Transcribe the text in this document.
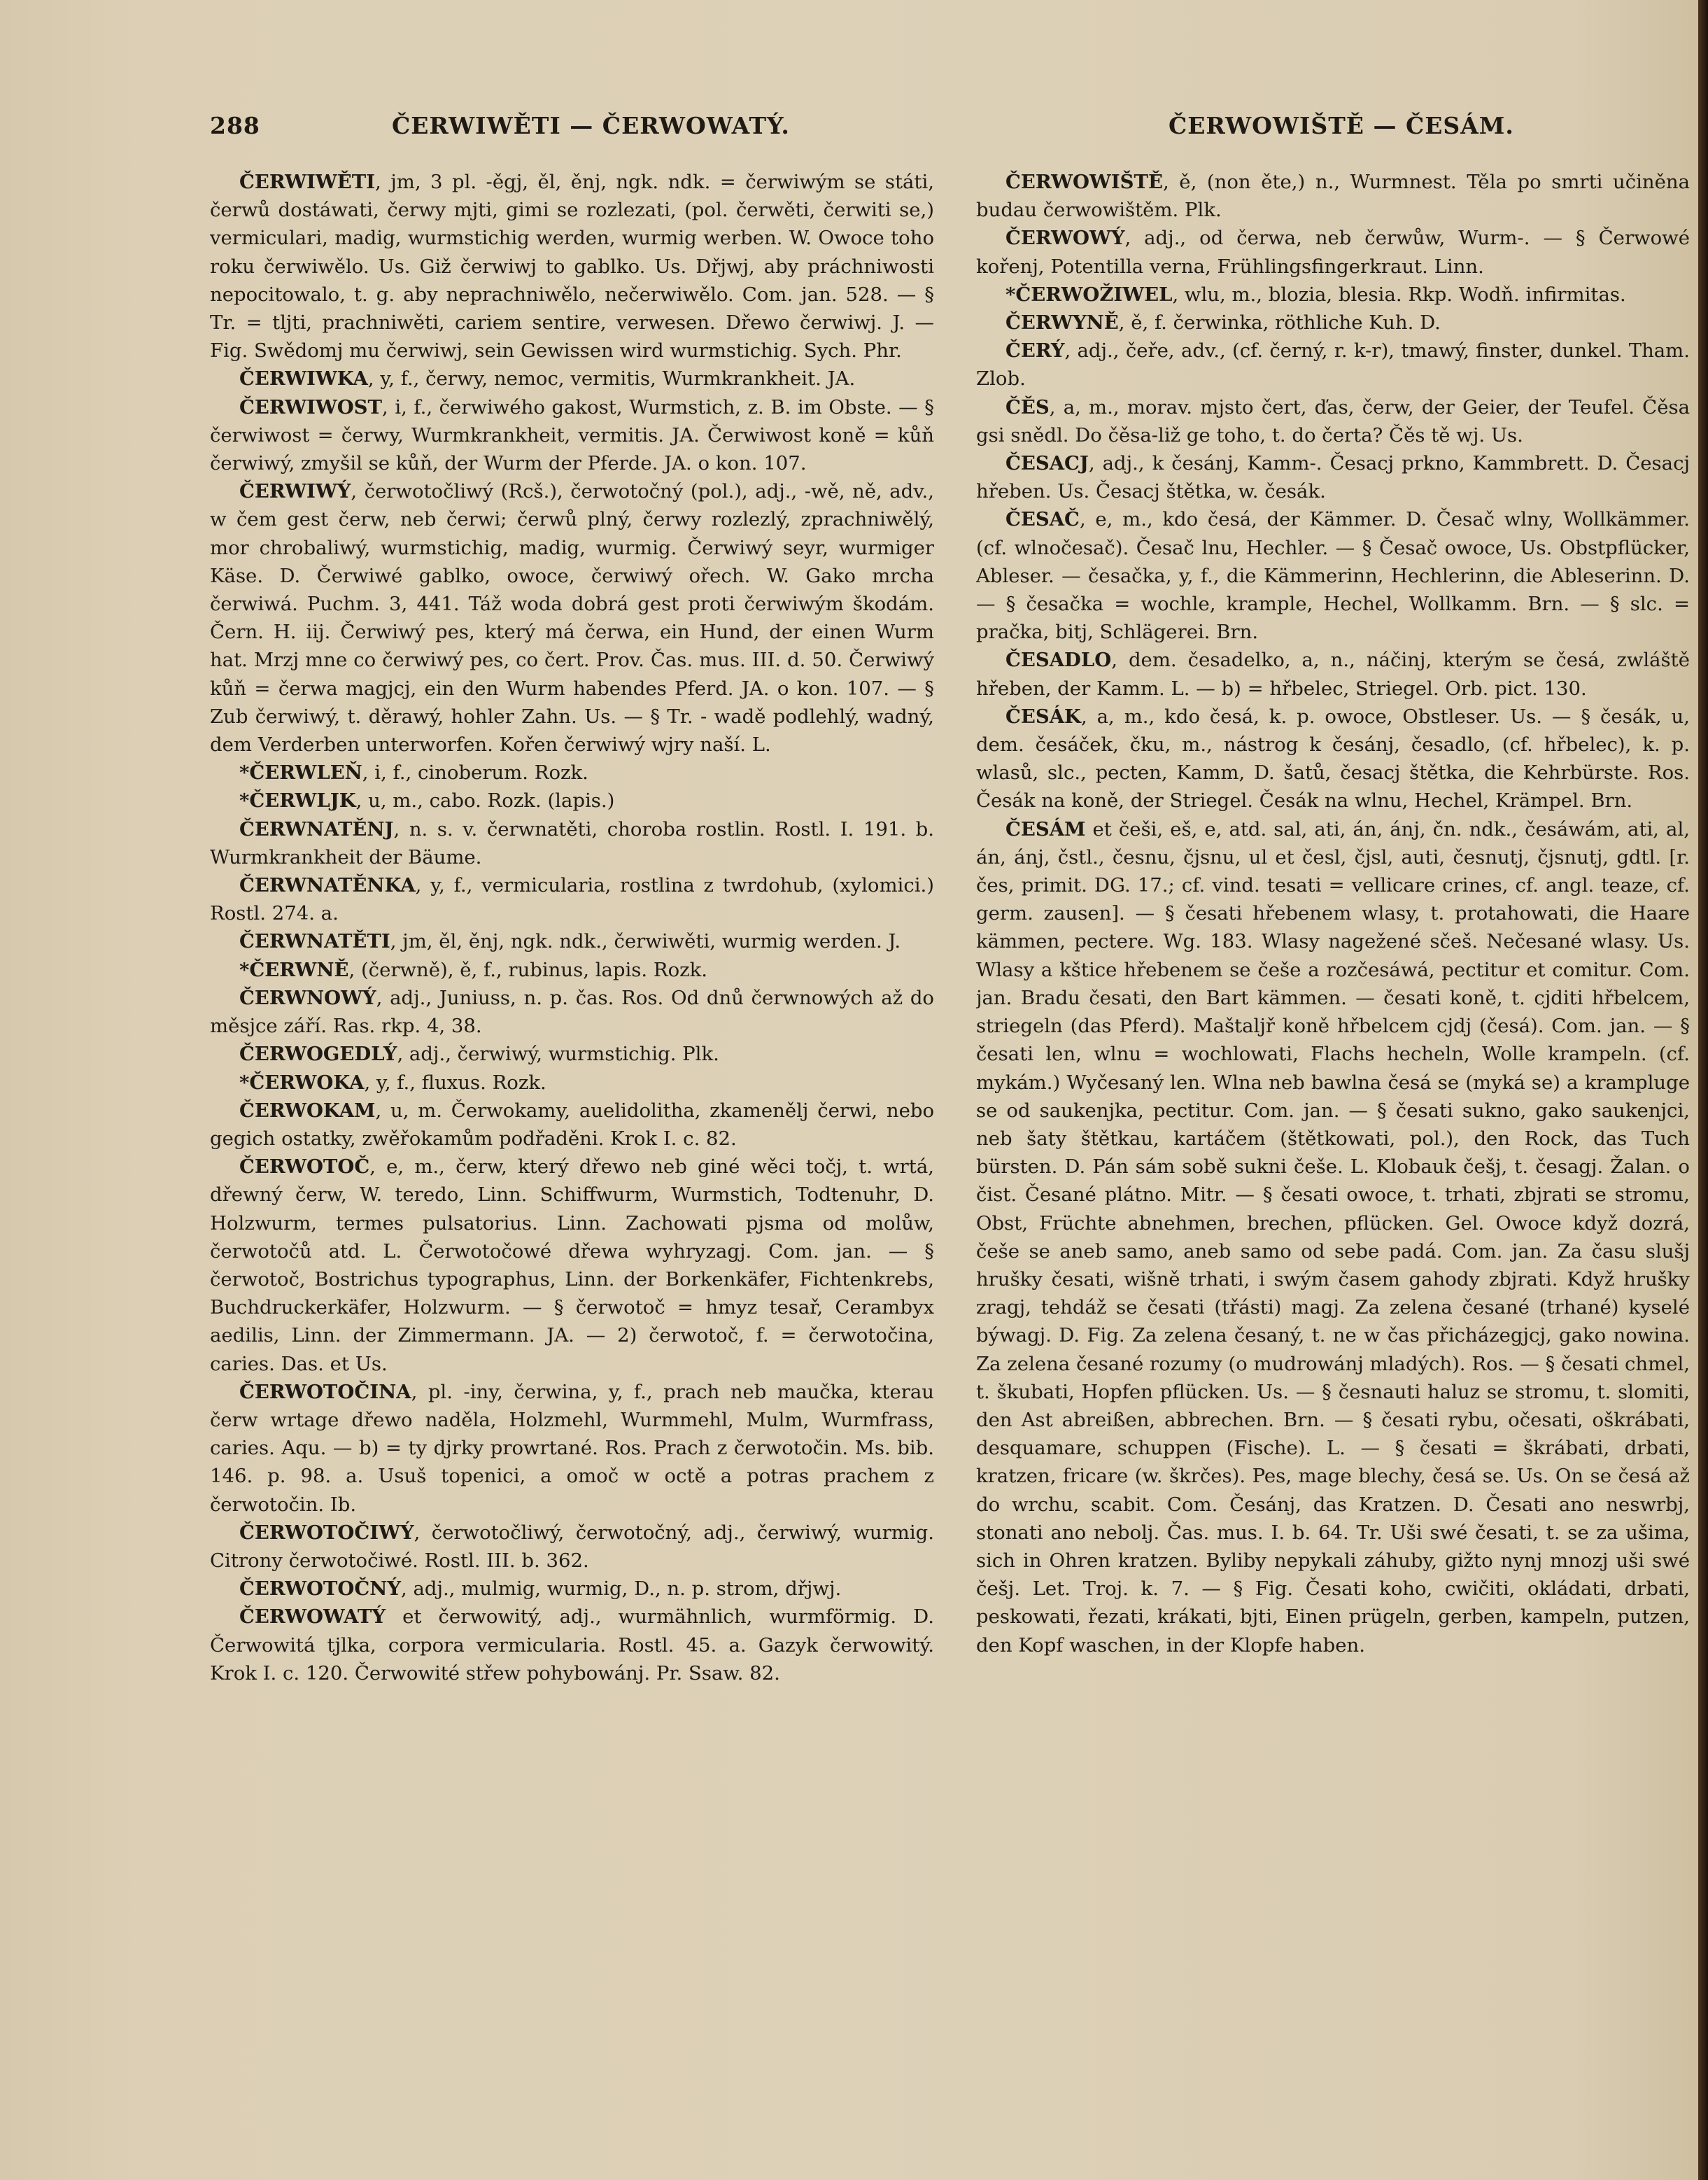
288	ČERWIWĚTI — ČERWOWATÝ.	ČERWOWIŠTĚ — ČESÁM.

ČERWIWĚTI, jm, 3 pl. -ěgj, ěl, ěnj, ngk. ndk. = čerwiwým se státi, čerwů dostáwati, čerwy mjti, gimi se rozlezati, (pol. čerwěti, čerwiti se,) vermiculari, madig, wurmstichig werden, wurmig werben. W. Owoce toho roku čerwiwělo. Us. Giž čerwiwj to gablko. Us. Dřjwj, aby práchniwosti nepocitowalo, t. g. aby neprachniwělo, nečerwiwělo. Com. jan. 528. — § Tr. = tljti, prachniwěti, cariem sentire, verwesen. Dřewo čerwiwj. J. — Fig. Swědomj mu čerwiwj, sein Gewissen wird wurmstichig. Sych. Phr.

ČERWIWKA, y, f., čerwy, nemoc, vermitis, Wurmkrankheit. JA.

ČERWIWOST, i, f., čerwiwého gakost, Wurmstich, z. B. im Obste. — § čerwiwost = čerwy, Wurmkrankheit, vermitis. JA. Čerwiwost koně = kůň čerwiwý, zmyšil se kůň, der Wurm der Pferde. JA. o kon. 107.

ČERWIWÝ, čerwotočliwý (Rcš.), čerwotočný (pol.), adj., -wě, ně, adv., w čem gest čerw, neb čerwi; čerwů plný, čerwy rozlezlý, zprachniwělý, mor chrobaliwý, wurmstichig, madig, wurmig. Čerwiwý seyr, wurmiger Käse. D. Čerwiwé gablko, owoce, čerwiwý ořech. W. Gako mrcha čerwiwá. Puchm. 3, 441. Táž woda dobrá gest proti čerwiwým škodám. Čern. H. iij. Čerwiwý pes, který má čerwa, ein Hund, der einen Wurm hat. Mrzj mne co čerwiwý pes, co čert. Prov. Čas. mus. III. d. 50. Čerwiwý kůň = čerwa magjcj, ein den Wurm habendes Pferd. JA. o kon. 107. — § Zub čerwiwý, t. děrawý, hohler Zahn. Us. — § Tr. - wadě podlehlý, wadný, dem Verderben unterworfen. Kořen čerwiwý wjry naší. L.

*ČERWLEŇ, i, f., cinoberum. Rozk.

*ČERWLJK, u, m., cabo. Rozk. (lapis.)

ČERWNATĚNJ, n. s. v. čerwnatěti, choroba rostlin. Rostl. I. 191. b. Wurmkrankheit der Bäume.

ČERWNATĚNKA, y, f., vermicularia, rostlina z twrdohub, (xylomici.) Rostl. 274. a.

ČERWNATĚTI, jm, ěl, ěnj, ngk. ndk., čerwiwěti, wurmig werden. J.

*ČERWNĚ, (čerwně), ě, f., rubinus, lapis. Rozk.

ČERWNOWÝ, adj., Juniuss, n. p. čas. Ros. Od dnů čerwnowých až do měsjce září. Ras. rkp. 4, 38.

ČERWOGEDLÝ, adj., čerwiwý, wurmstichig. Plk.

*ČERWOKA, y, f., fluxus. Rozk.

ČERWOKAM, u, m. Čerwokamy, auelidolitha, zkamenělj čerwi, nebo gegich ostatky, zwěřokamům podřaděni. Krok I. c. 82.

ČERWOTOČ, e, m., čerw, který dřewo neb giné wěci točj, t. wrtá, dřewný čerw, W. teredo, Linn. Schiffwurm, Wurmstich, Todtenuhr, D. Holzwurm, termes pulsatorius. Linn. Zachowati pjsma od molůw, čerwotočů atd. L. Čerwotočowé dřewa wyhryzagj. Com. jan. — § čerwotoč, Bostrichus typographus, Linn. der Borkenkäfer, Fichtenkrebs, Buchdruckerkäfer, Holzwurm. — § čerwotoč = hmyz tesař, Cerambyx aedilis, Linn. der Zimmermann. JA. — 2) čerwotoč, f. = čerwotočina, caries. Das. et Us.

ČERWOTOČINA, pl. -iny, čerwina, y, f., prach neb maučka, kterau čerw wrtage dřewo naděla, Holzmehl, Wurmmehl, Mulm, Wurmfrass, caries. Aqu. — b) = ty djrky prowrtané. Ros. Prach z čerwotočin. Ms. bib. 146. p. 98. a. Usuš topenici, a omoč w octě a potras prachem z čerwotočin. Ib.

ČERWOTOČIWÝ, čerwotočliwý, čerwotočný, adj., čerwiwý, wurmig. Citrony čerwotočiwé. Rostl. III. b. 362.

ČERWOTOČNÝ, adj., mulmig, wurmig, D., n. p. strom, dřjwj.

ČERWOWATÝ et čerwowitý, adj., wurmähnlich, wurmförmig. D. Čerwowitá tjlka, corpora vermicularia. Rostl. 45. a. Gazyk čerwowitý. Krok I. c. 120. Čerwowité střew pohybowánj. Pr. Ssaw. 82.

ČERWOWIŠTĚ, ě, (non ěte,) n., Wurmnest. Těla po smrti učiněna budau čerwowištěm. Plk.

ČERWOWÝ, adj., od čerwa, neb čerwůw, Wurm-. — § Čerwowé kořenj, Potentilla verna, Frühlingsfingerkraut. Linn.

*ČERWOŽIWEL, wlu, m., blozia, blesia. Rkp. Wodň. infirmitas.

ČERWYNĚ, ě, f. čerwinka, röthliche Kuh. D.

ČERÝ, adj., čeře, adv., (cf. černý, r. k-r), tmawý, finster, dunkel. Tham. Zlob.

ČĚS, a, m., morav. mjsto čert, ďas, čerw, der Geier, der Teufel. Čěsa gsi snědl. Do čěsa-liž ge toho, t. do čerta? Čěs tě wj. Us.

ČESACJ, adj., k česánj, Kamm-. Česacj prkno, Kammbrett. D. Česacj hřeben. Us. Česacj štětka, w. česák.

ČESAČ, e, m., kdo česá, der Kämmer. D. Česač wlny, Wollkämmer. (cf. wlnočesač). Česač lnu, Hechler. — § Česač owoce, Us. Obstpflücker, Ableser. — česačka, y, f., die Kämmerinn, Hechlerinn, die Ableserinn. D. — § česačka = wochle, krample, Hechel, Wollkamm. Brn. — § slc. = pračka, bitj, Schlägerei. Brn.

ČESADLO, dem. česadelko, a, n., náčinj, kterým se česá, zwláště hřeben, der Kamm. L. — b) = hřbelec, Striegel. Orb. pict. 130.

ČESÁK, a, m., kdo česá, k. p. owoce, Obstleser. Us. — § česák, u, dem. česáček, čku, m., nástrog k česánj, česadlo, (cf. hřbelec), k. p. wlasů, slc., pecten, Kamm, D. šatů, česacj štětka, die Kehrbürste. Ros. Česák na koně, der Striegel. Česák na wlnu, Hechel, Krämpel. Brn.

ČESÁM et češi, eš, e, atd. sal, ati, án, ánj, čn. ndk., česáwám, ati, al, án, ánj, čstl., česnu, čjsnu, ul et česl, čjsl, auti, česnutj, čjsnutj, gdtl. [r. čes, primit. DG. 17.; cf. vind. tesati = vellicare crines, cf. angl. teaze, cf. germ. zausen]. — § česati hřebenem wlasy, t. protahowati, die Haare kämmen, pectere. Wg. 183. Wlasy nagežené sčeš. Nečesané wlasy. Us. Wlasy a kštice hřebenem se češe a rozčesáwá, pectitur et comitur. Com. jan. Bradu česati, den Bart kämmen. — česati koně, t. cjditi hřbelcem, striegeln (das Pferd). Maštaljř koně hřbelcem cjdj (česá). Com. jan. — § česati len, wlnu = wochlowati, Flachs hecheln, Wolle krampeln. (cf. mykám.) Wyčesaný len. Wlna neb bawlna česá se (myká se) a krampluge se od saukenjka, pectitur. Com. jan. — § česati sukno, gako saukenjci, neb šaty štětkau, kartáčem (štětkowati, pol.), den Rock, das Tuch bürsten. D. Pán sám sobě sukni češe. L. Klobauk češj, t. česagj. Žalan. o čist. Česané plátno. Mitr. — § česati owoce, t. trhati, zbjrati se stromu, Obst, Früchte abnehmen, brechen, pflücken. Gel. Owoce když dozrá, češe se aneb samo, aneb samo od sebe padá. Com. jan. Za času slušj hrušky česati, wišně trhati, i swým časem gahody zbjrati. Když hrušky zragj, tehdáž se česati (třásti) magj. Za zelena česané (trhané) kyselé býwagj. D. Fig. Za zelena česaný, t. ne w čas přicházegjcj, gako nowina. Za zelena česané rozumy (o mudrowánj mladých). Ros. — § česati chmel, t. škubati, Hopfen pflücken. Us. — § česnauti haluz se stromu, t. slomiti, den Ast abreißen, abbrechen. Brn. — § česati rybu, očesati, oškrábati, desquamare, schuppen (Fische). L. — § česati = škrábati, drbati, kratzen, fricare (w. škrčes). Pes, mage blechy, česá se. Us. On se česá až do wrchu, scabit. Com. Česánj, das Kratzen. D. Česati ano neswrbj, stonati ano nebolj. Čas. mus. I. b. 64. Tr. Uši swé česati, t. se za ušima, sich in Ohren kratzen. Byliby nepykali záhuby, gižto nynj mnozj uši swé češj. Let. Troj. k. 7. — § Fig. Česati koho, cwičiti, okládati, drbati, peskowati, řezati, krákati, bjti, Einen prügeln, gerben, kampeln, putzen, den Kopf waschen, in der Klopfe haben.
